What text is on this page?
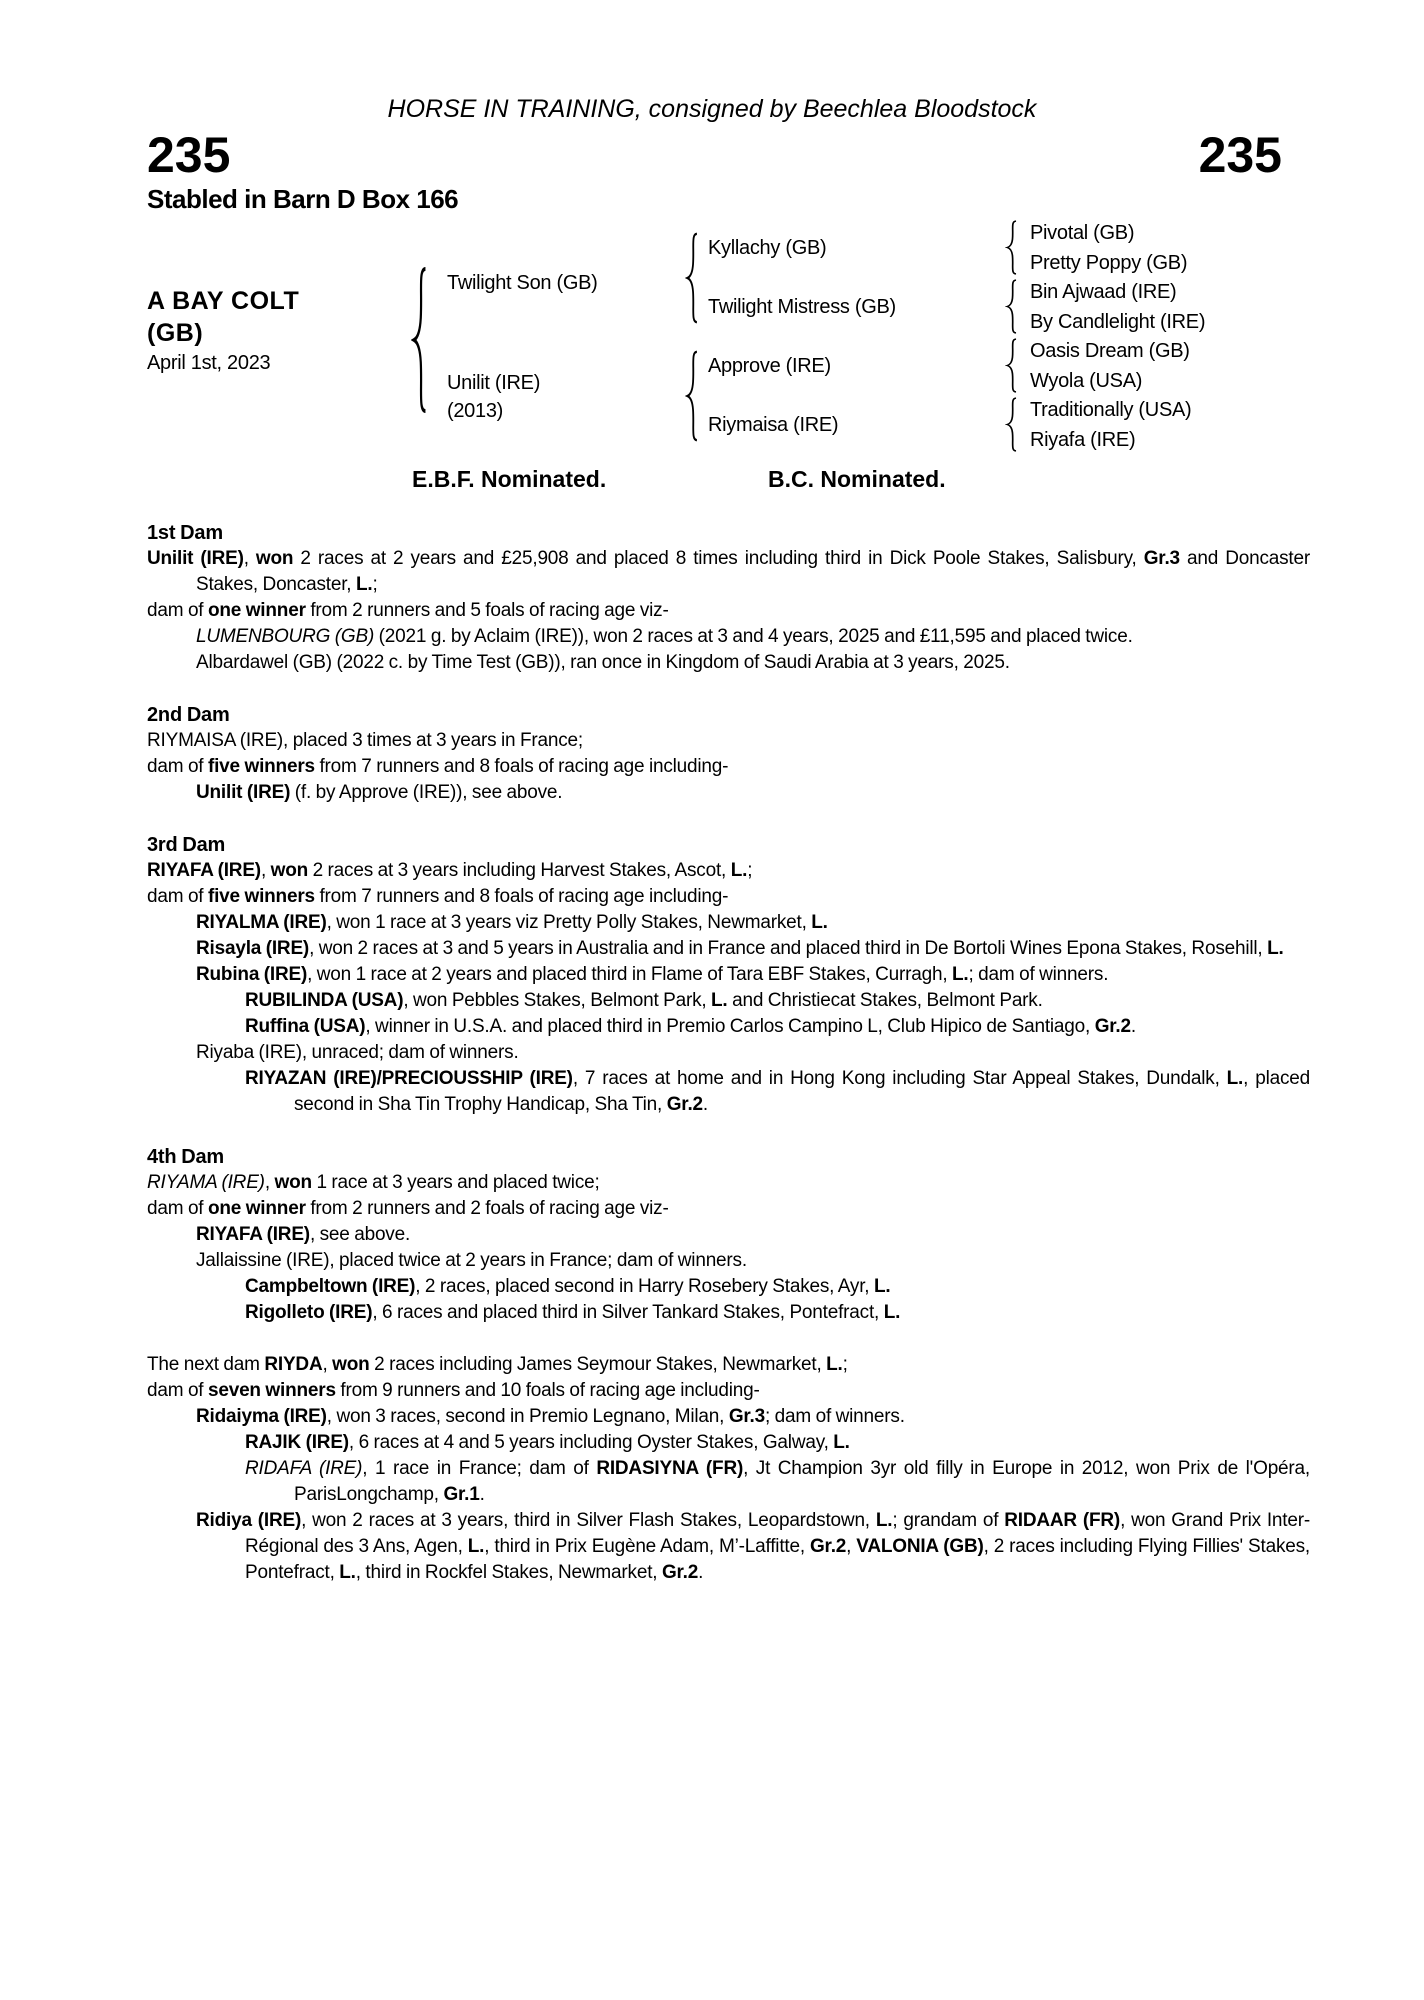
HORSE IN TRAINING, consigned by Beechlea Bloodstock
235	235
Stabled in Barn D Box 166
A BAY COLT
(GB)
April 1st, 2023
Twilight Son (GB)
Unilit (IRE)
(2013)
Kyllachy (GB)
Twilight Mistress (GB)
Approve (IRE)
Riymaisa (IRE)
Pivotal (GB)
Pretty Poppy (GB)
Bin Ajwaad (IRE)
By Candlelight (IRE)
Oasis Dream (GB)
Wyola (USA)
Traditionally (USA)
Riyafa (IRE)
E.B.F. Nominated.	B.C. Nominated.
1st Dam

Unilit (IRE), won 2 races at 2 years and £25,908 and placed 8 times including third in Dick Poole Stakes, Salisbury, Gr.3 and Doncaster Stakes, Doncaster, L.;

dam of one winner from 2 runners and 5 foals of racing age viz-

LUMENBOURG (GB) (2021 g. by Aclaim (IRE)), won 2 races at 3 and 4 years, 2025 and £11,595 and placed twice.

Albardawel (GB) (2022 c. by Time Test (GB)), ran once in Kingdom of Saudi Arabia at 3 years, 2025.

2nd Dam

RIYMAISA (IRE), placed 3 times at 3 years in France;

dam of five winners from 7 runners and 8 foals of racing age including-

Unilit (IRE) (f. by Approve (IRE)), see above.

3rd Dam

RIYAFA (IRE), won 2 races at 3 years including Harvest Stakes, Ascot, L.;

dam of five winners from 7 runners and 8 foals of racing age including-

RIYALMA (IRE), won 1 race at 3 years viz Pretty Polly Stakes, Newmarket, L.

Risayla (IRE), won 2 races at 3 and 5 years in Australia and in France and placed third in De Bortoli Wines Epona Stakes, Rosehill, L.

Rubina (IRE), won 1 race at 2 years and placed third in Flame of Tara EBF Stakes, Curragh, L.; dam of winners.

RUBILINDA (USA), won Pebbles Stakes, Belmont Park, L. and Christiecat Stakes, Belmont Park.

Ruffina (USA), winner in U.S.A. and placed third in Premio Carlos Campino L, Club Hipico de Santiago, Gr.2.

Riyaba (IRE), unraced; dam of winners.

RIYAZAN (IRE)/PRECIOUSSHIP (IRE), 7 races at home and in Hong Kong including Star Appeal Stakes, Dundalk, L., placed second in Sha Tin Trophy Handicap, Sha Tin, Gr.2.

4th Dam

RIYAMA (IRE), won 1 race at 3 years and placed twice;

dam of one winner from 2 runners and 2 foals of racing age viz-

RIYAFA (IRE), see above.

Jallaissine (IRE), placed twice at 2 years in France; dam of winners.

Campbeltown (IRE), 2 races, placed second in Harry Rosebery Stakes, Ayr, L.

Rigolleto (IRE), 6 races and placed third in Silver Tankard Stakes, Pontefract, L.

The next dam RIYDA, won 2 races including James Seymour Stakes, Newmarket, L.;

dam of seven winners from 9 runners and 10 foals of racing age including-

Ridaiyma (IRE), won 3 races, second in Premio Legnano, Milan, Gr.3; dam of winners.

RAJIK (IRE), 6 races at 4 and 5 years including Oyster Stakes, Galway, L.

RIDAFA (IRE), 1 race in France; dam of RIDASIYNA (FR), Jt Champion 3yr old filly in Europe in 2012, won Prix de l'Opéra, ParisLongchamp, Gr.1.

Ridiya (IRE), won 2 races at 3 years, third in Silver Flash Stakes, Leopardstown, L.; grandam of RIDAAR (FR), won Grand Prix Inter-Régional des 3 Ans, Agen, L., third in Prix Eugène Adam, M’-Laffitte, Gr.2, VALONIA (GB), 2 races including Flying Fillies' Stakes, Pontefract, L., third in Rockfel Stakes, Newmarket, Gr.2.
